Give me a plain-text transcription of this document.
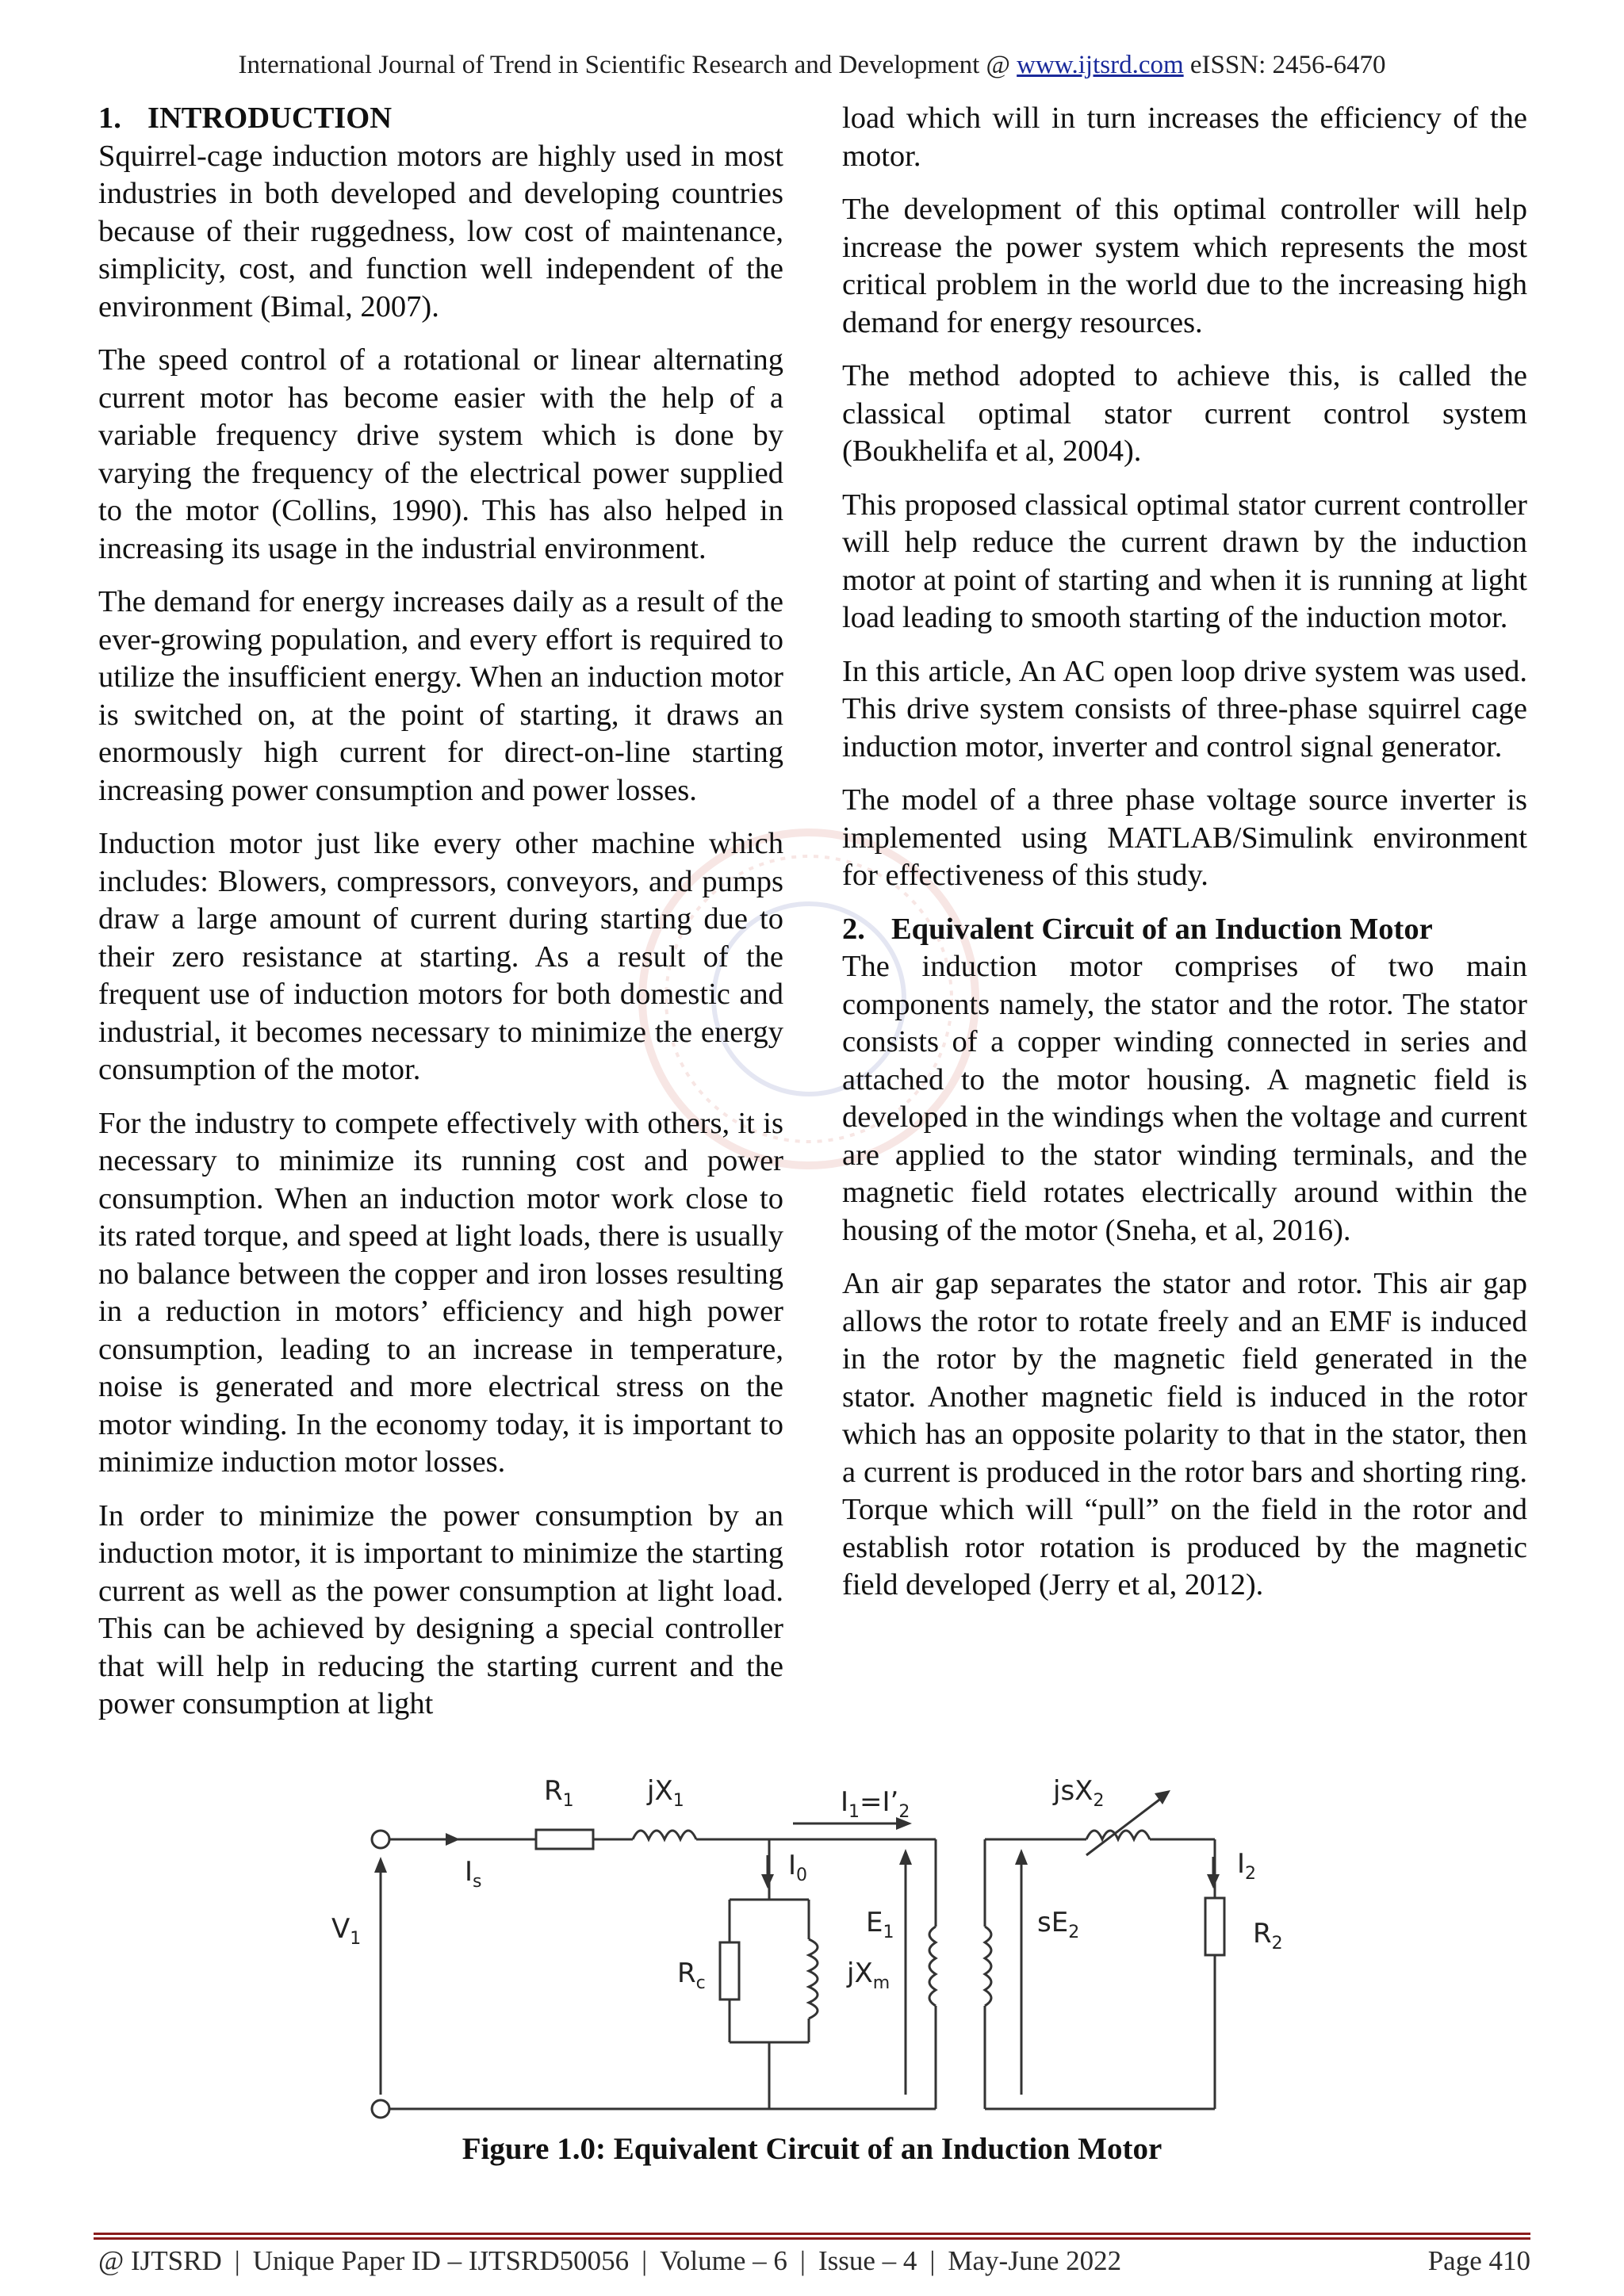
International Journal of Trend in Scientific Research and Development @ www.ijtsrd.com eISSN: 2456-6470
1. INTRODUCTION

Squirrel-cage induction motors are highly used in most industries in both developed and developing countries because of their ruggedness, low cost of maintenance, simplicity, cost, and function well independent of the environment (Bimal, 2007).

The speed control of a rotational or linear alternating current motor has become easier with the help of a variable frequency drive system which is done by varying the frequency of the electrical power supplied to the motor (Collins, 1990). This has also helped in increasing its usage in the industrial environment.

The demand for energy increases daily as a result of the ever-growing population, and every effort is required to utilize the insufficient energy. When an induction motor is switched on, at the point of starting, it draws an enormously high current for direct-on-line starting increasing power consumption and power losses.

Induction motor just like every other machine which includes: Blowers, compressors, conveyors, and pumps draw a large amount of current during starting due to their zero resistance at starting. As a result of the frequent use of induction motors for both domestic and industrial, it becomes necessary to minimize the energy consumption of the motor.

For the industry to compete effectively with others, it is necessary to minimize its running cost and power consumption. When an induction motor work close to its rated torque, and speed at light loads, there is usually no balance between the copper and iron losses resulting in a reduction in motors’ efficiency and high power consumption, leading to an increase in temperature, noise is generated and more electrical stress on the motor winding. In the economy today, it is important to minimize induction motor losses.

In order to minimize the power consumption by an induction motor, it is important to minimize the starting current as well as the power consumption at light load. This can be achieved by designing a special controller that will help in reducing the starting current and the power consumption at light

load which will in turn increases the efficiency of the motor.

The development of this optimal controller will help increase the power system which represents the most critical problem in the world due to the increasing high demand for energy resources.

The method adopted to achieve this, is called the classical optimal stator current control system (Boukhelifa et al, 2004).

This proposed classical optimal stator current controller will help reduce the current drawn by the induction motor at point of starting and when it is running at light load leading to smooth starting of the induction motor.

In this article, An AC open loop drive system was used. This drive system consists of three-phase squirrel cage induction motor, inverter and control signal generator.

The model of a three phase voltage source inverter is implemented using MATLAB/Simulink environment for effectiveness of this study.

2. Equivalent Circuit of an Induction Motor

The induction motor comprises of two main components namely, the stator and the rotor. The stator consists of a copper winding connected in series and attached to the motor housing. A magnetic field is developed in the windings when the voltage and current are applied to the stator winding terminals, and the magnetic field rotates electrically around within the housing of the motor (Sneha, et al, 2016).

An air gap separates the stator and rotor. This air gap allows the rotor to rotate freely and an EMF is induced in the rotor by the magnetic field generated in the stator. Another magnetic field is induced in the rotor which has an opposite polarity to that in the stator, then a current is produced in the rotor bars and shorting ring. Torque which will “pull” on the field in the rotor and establish rotor rotation is produced by the magnetic field developed (Jerry et al, 2012).

$R_1$	$jX_1$	$I_1=I’_2$
jsX$_2$
$I_s$
$I_0$	$I_2$
$V_1$
$E_1$	$sE_2$	$R_2$
$R_c$	$jX_m$
Figure 1.0: Equivalent Circuit of an Induction Motor
@ IJTSRD | Unique Paper ID – IJTSRD50056 | Volume – 6 | Issue – 4 | May-June 2022	Page 410
